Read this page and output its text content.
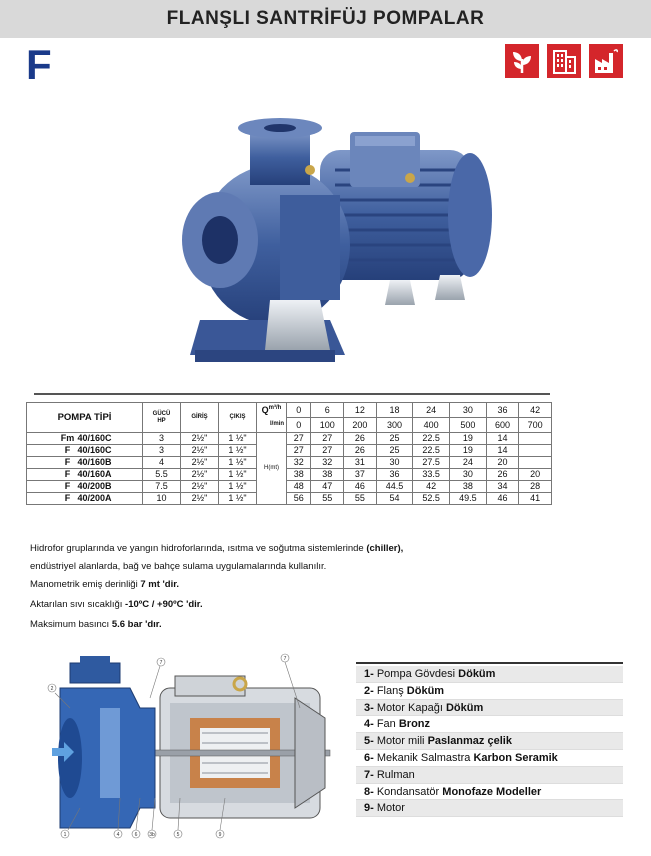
FLANŞLI SANTRİFÜJ POMPALAR
F
POMPA TİPİ	GÜCÜ
HP	GİRİŞ	ÇIKIŞ	$Q^{m^3/h}$	0	6	12	18	24	30	36	42
				l/min	0	100	200	300	400	500	600	700
Fm 40/160C	3	2½"	1 ½"	H(mt)	27	27	26	25	22.5	19	14	
F 40/160C	3	2½"	1 ½"		27	27	26	25	22.5	19	14	
F 40/160B	4	2½"	1 ½"		32	32	31	30	27.5	24	20	
F 40/160A	5.5	2½"	1 ½"		38	38	37	36	33.5	30	26	20
F 40/200B	7.5	2½"	1 ½"		48	47	46	44.5	42	38	34	28
F 40/200A	10	2½"	1 ½"		56	55	55	54	52.5	49.5	46	41
Hidrofor gruplarında ve yangın hidroforlarında, ısıtma ve soğutma sistemlerinde (chiller),
endüstriyel alanlarda, bağ ve bahçe sulama uygulamalarında kullanılır.
Manometrik emiş derinliği 7 mt 'dir.
Aktarılan sıvı sıcaklığı -10ºC / +90ºC 'dir.
Maksimum basıncı 5.6 bar 'dır.
2
7
7
1	4	6 3b	5	9
1- Pompa Gövdesi Döküm
2- Flanş Döküm
3- Motor Kapağı Döküm
4- Fan Bronz
5- Motor mili Paslanmaz çelik
6- Mekanik Salmastra Karbon Seramik
7- Rulman
8- Kondansatör Monofaze Modeller
9- Motor
